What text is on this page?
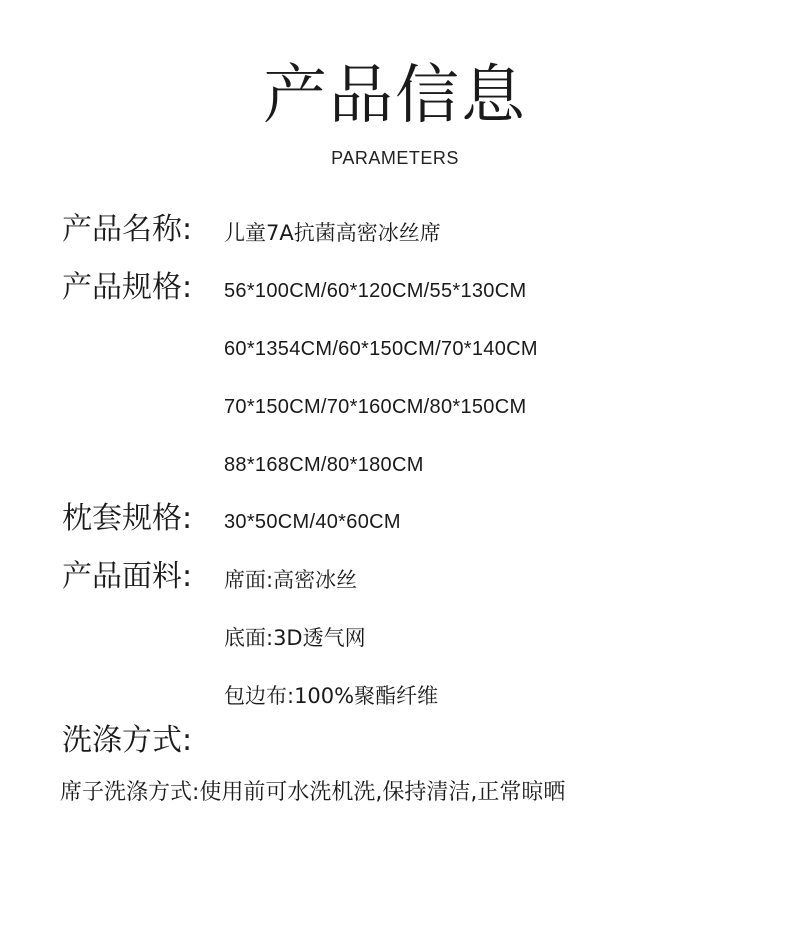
产品信息
PARAMETERS
产品名称: 儿童7A抗菌高密冰丝席
产品规格: 56*100CM/60*120CM/55*130CM
60*1354CM/60*150CM/70*140CM
70*150CM/70*160CM/80*150CM
88*168CM/80*180CM
枕套规格: 30*50CM/40*60CM
产品面料: 席面:高密冰丝
底面:3D透气网
包边布:100%聚酯纤维
洗涤方式:
席子洗涤方式:使用前可水洗机洗,保持清洁,正常晾晒
